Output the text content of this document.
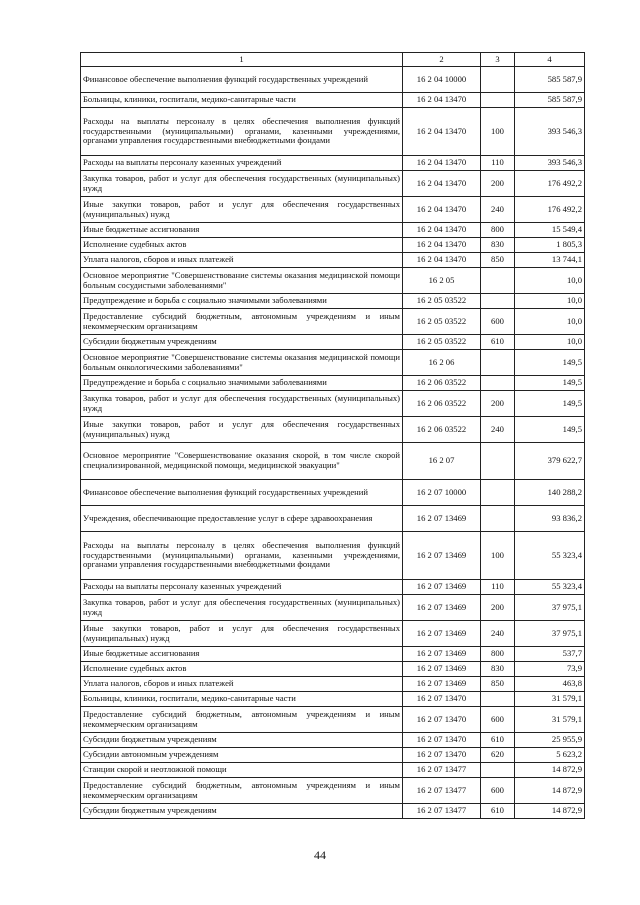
1	2	3	4
Финансовое обеспечение выполнения функций государственных учреждений	16 2 04 10000		585 587,9
Больницы, клиники, госпитали, медико-санитарные части	16 2 04 13470		585 587,9
Расходы на выплаты персоналу в целях обеспечения выполнения функций государственными (муниципальными) органами, казенными учреждениями, органами управления государственными внебюджетными фондами	16 2 04 13470	100	393 546,3
Расходы на выплаты персоналу казенных учреждений	16 2 04 13470	110	393 546,3
Закупка товаров, работ и услуг для обеспечения государственных (муниципальных) нужд	16 2 04 13470	200	176 492,2
Иные закупки товаров, работ и услуг для обеспечения государственных (муниципальных) нужд	16 2 04 13470	240	176 492,2
Иные бюджетные ассигнования	16 2 04 13470	800	15 549,4
Исполнение судебных актов	16 2 04 13470	830	1 805,3
Уплата налогов, сборов и иных платежей	16 2 04 13470	850	13 744,1
Основное мероприятие "Совершенствование системы оказания медицинской помощи больным сосудистыми заболеваниями"	16 2 05		10,0
Предупреждение и борьба с социально значимыми заболеваниями	16 2 05 03522		10,0
Предоставление субсидий бюджетным, автономным учреждениям и иным некоммерческим организациям	16 2 05 03522	600	10,0
Субсидии бюджетным учреждениям	16 2 05 03522	610	10,0
Основное мероприятие "Совершенствование системы оказания медицинской помощи больным онкологическими заболеваниями"	16 2 06		149,5
Предупреждение и борьба с социально значимыми заболеваниями	16 2 06 03522		149,5
Закупка товаров, работ и услуг для обеспечения государственных (муниципальных) нужд	16 2 06 03522	200	149,5
Иные закупки товаров, работ и услуг для обеспечения государственных (муниципальных) нужд	16 2 06 03522	240	149,5
Основное мероприятие "Совершенствование оказания скорой, в том числе скорой специализированной, медицинской помощи, медицинской эвакуации"	16 2 07		379 622,7
Финансовое обеспечение выполнения функций государственных учреждений	16 2 07 10000		140 288,2
Учреждения, обеспечивающие предоставление услуг в сфере здравоохранения	16 2 07 13469		93 836,2
Расходы на выплаты персоналу в целях обеспечения выполнения функций государственными (муниципальными) органами, казенными учреждениями, органами управления государственными внебюджетными фондами	16 2 07 13469	100	55 323,4
Расходы на выплаты персоналу казенных учреждений	16 2 07 13469	110	55 323,4
Закупка товаров, работ и услуг для обеспечения государственных (муниципальных) нужд	16 2 07 13469	200	37 975,1
Иные закупки товаров, работ и услуг для обеспечения государственных (муниципальных) нужд	16 2 07 13469	240	37 975,1
Иные бюджетные ассигнования	16 2 07 13469	800	537,7
Исполнение судебных актов	16 2 07 13469	830	73,9
Уплата налогов, сборов и иных платежей	16 2 07 13469	850	463,8
Больницы, клиники, госпитали, медико-санитарные части	16 2 07 13470		31 579,1
Предоставление субсидий бюджетным, автономным учреждениям и иным некоммерческим организациям	16 2 07 13470	600	31 579,1
Субсидии бюджетным учреждениям	16 2 07 13470	610	25 955,9
Субсидии автономным учреждениям	16 2 07 13470	620	5 623,2
Станции скорой и неотложной помощи	16 2 07 13477		14 872,9
Предоставление субсидий бюджетным, автономным учреждениям и иным некоммерческим организациям	16 2 07 13477	600	14 872,9
Субсидии бюджетным учреждениям	16 2 07 13477	610	14 872,9
44
